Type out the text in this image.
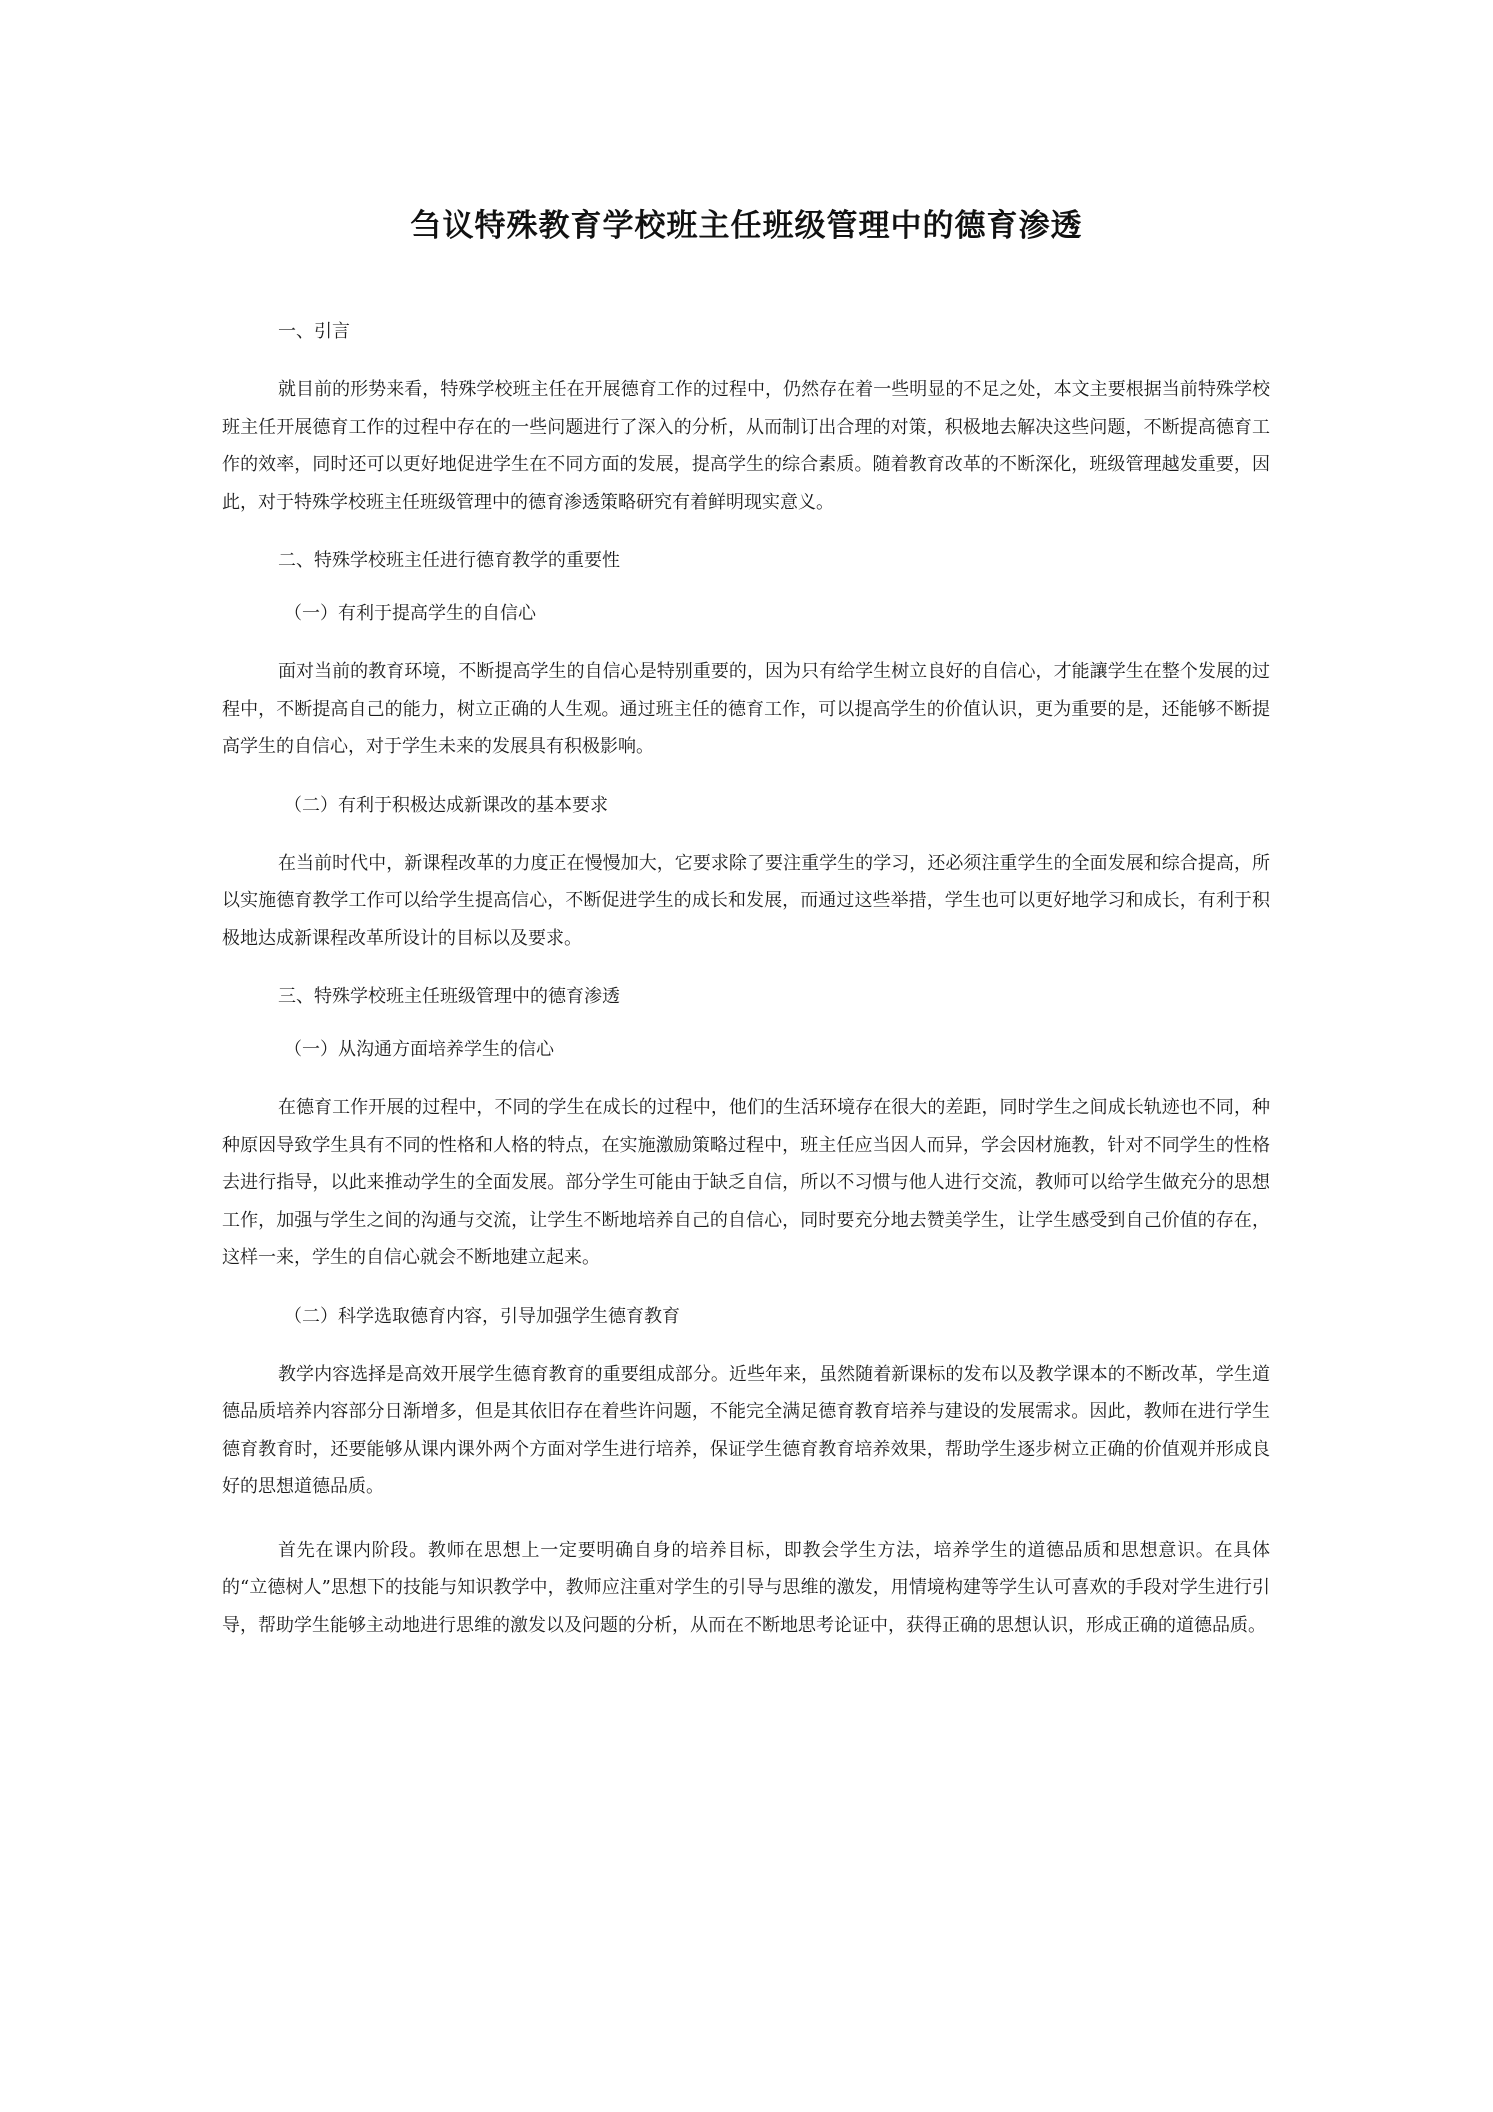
刍议特殊教育学校班主任班级管理中的德育渗透

一、引言

就目前的形势来看，特殊学校班主任在开展德育工作的过程中，仍然存在着一些明显的不足之处，本文主要根据当前特殊学校班主任开展德育工作的过程中存在的一些问题进行了深入的分析，从而制订出合理的对策，积极地去解决这些问题，不断提高德育工作的效率，同时还可以更好地促进学生在不同方面的发展，提高学生的综合素质。随着教育改革的不断深化，班级管理越发重要，因此，对于特殊学校班主任班级管理中的德育渗透策略研究有着鲜明现实意义。

二、特殊学校班主任进行德育教学的重要性

（一）有利于提高学生的自信心

面对当前的教育环境，不断提高学生的自信心是特别重要的，因为只有给学生树立良好的自信心，才能讓学生在整个发展的过程中，不断提高自己的能力，树立正确的人生观。通过班主任的德育工作，可以提高学生的价值认识，更为重要的是，还能够不断提高学生的自信心，对于学生未来的发展具有积极影响。

（二）有利于积极达成新课改的基本要求

在当前时代中，新课程改革的力度正在慢慢加大，它要求除了要注重学生的学习，还必须注重学生的全面发展和综合提高，所以实施德育教学工作可以给学生提高信心，不断促进学生的成长和发展，而通过这些举措，学生也可以更好地学习和成长，有利于积极地达成新课程改革所设计的目标以及要求。

三、特殊学校班主任班级管理中的德育渗透

（一）从沟通方面培养学生的信心

在德育工作开展的过程中，不同的学生在成长的过程中，他们的生活环境存在很大的差距，同时学生之间成长轨迹也不同，种种原因导致学生具有不同的性格和人格的特点，在实施激励策略过程中，班主任应当因人而异，学会因材施教，针对不同学生的性格去进行指导，以此来推动学生的全面发展。部分学生可能由于缺乏自信，所以不习惯与他人进行交流，教师可以给学生做充分的思想工作，加强与学生之间的沟通与交流，让学生不断地培养自己的自信心，同时要充分地去赞美学生，让学生感受到自己价值的存在，这样一来，学生的自信心就会不断地建立起来。

（二）科学选取德育内容，引导加强学生德育教育

教学内容选择是高效开展学生德育教育的重要组成部分。近些年来，虽然随着新课标的发布以及教学课本的不断改革，学生道德品质培养内容部分日渐增多，但是其依旧存在着些许问题，不能完全满足德育教育培养与建设的发展需求。因此，教师在进行学生德育教育时，还要能够从课内课外两个方面对学生进行培养，保证学生德育教育培养效果，帮助学生逐步树立正确的价值观并形成良好的思想道德品质。

首先在课内阶段。教师在思想上一定要明确自身的培养目标，即教会学生方法，培养学生的道德品质和思想意识。在具体的“立德树人”思想下的技能与知识教学中，教师应注重对学生的引导与思维的激发，用情境构建等学生认可喜欢的手段对学生进行引导，帮助学生能够主动地进行思维的激发以及问题的分析，从而在不断地思考论证中，获得正确的思想认识，形成正确的道德品质。
